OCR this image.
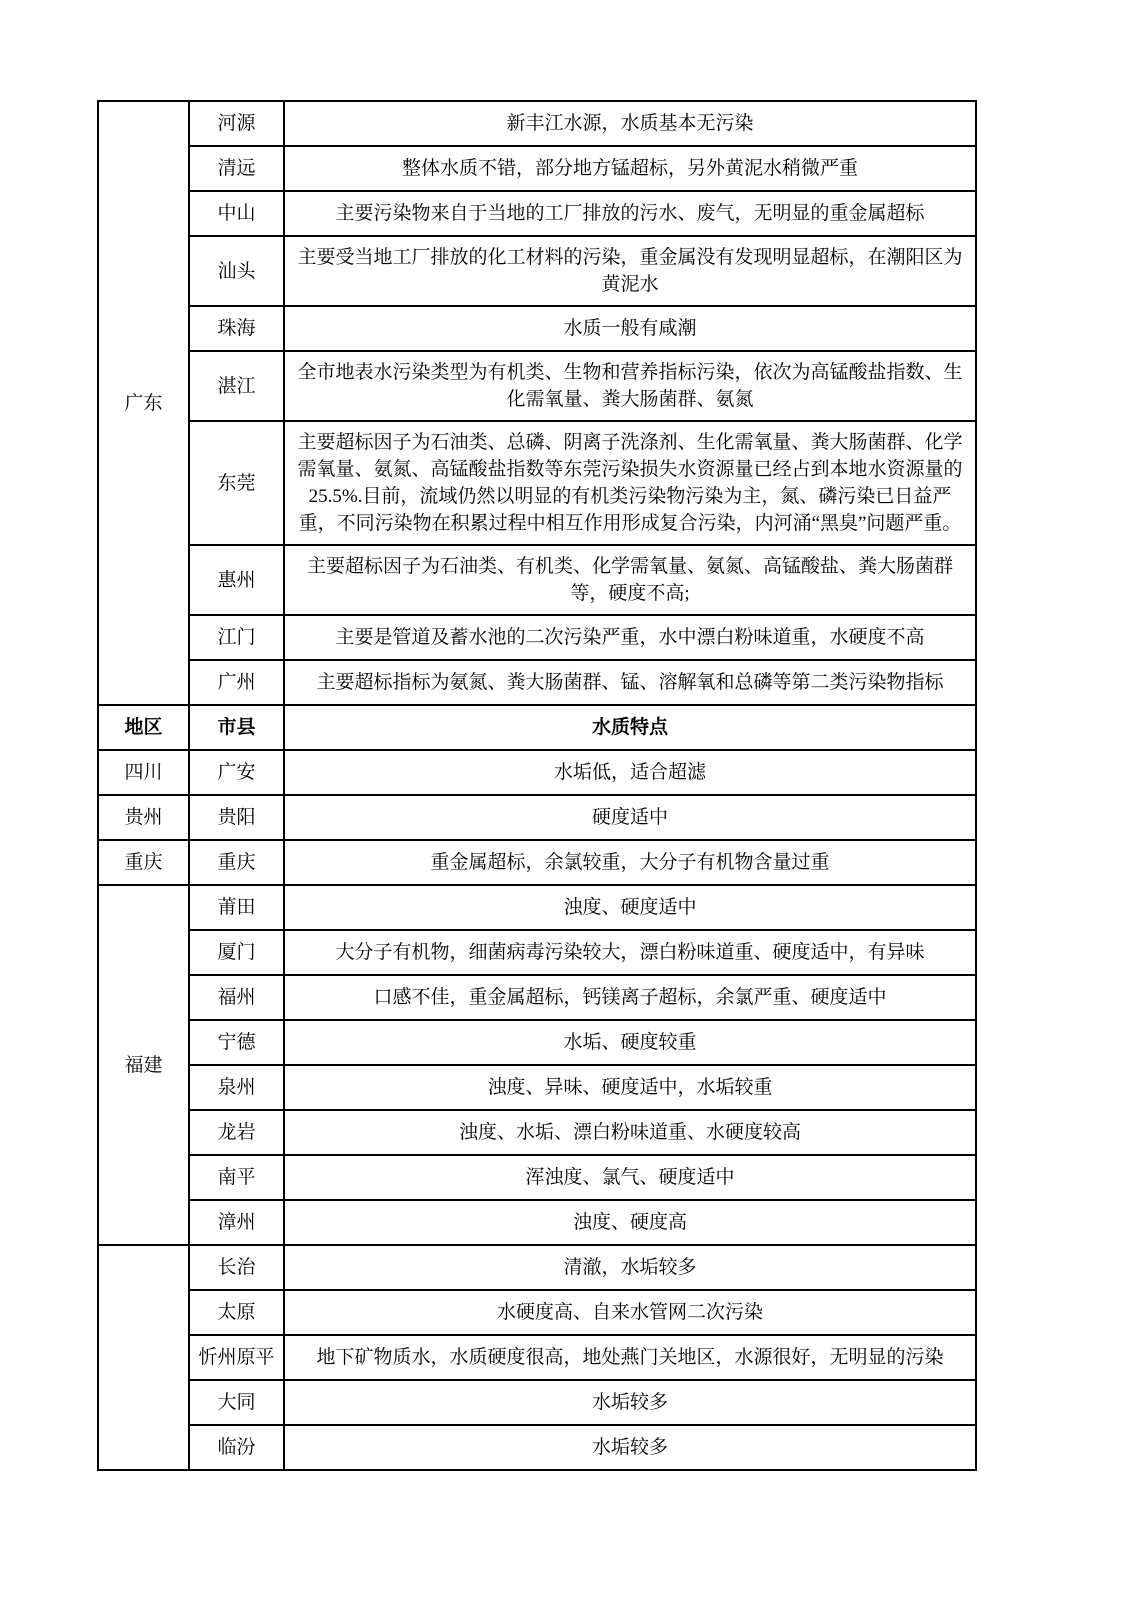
广东	河源	新丰江水源，水质基本无污染
	清远	整体水质不错，部分地方锰超标，另外黄泥水稍微严重
	中山	主要污染物来自于当地的工厂排放的污水、废气，无明显的重金属超标
	汕头	主要受当地工厂排放的化工材料的污染，重金属没有发现明显超标，在潮阳区为黄泥水
	珠海	水质一般有咸潮
	湛江	全市地表水污染类型为有机类、生物和营养指标污染，依次为高锰酸盐指数、生化需氧量、粪大肠菌群、氨氮
	东莞	主要超标因子为石油类、总磷、阴离子洗涤剂、生化需氧量、粪大肠菌群、化学需氧量、氨氮、高锰酸盐指数等东莞污染损失水资源量已经占到本地水资源量的25.5%.目前，流域仍然以明显的有机类污染物污染为主，氮、磷污染已日益严重，不同污染物在积累过程中相互作用形成复合污染，内河涌“黑臭”问题严重。
	惠州	主要超标因子为石油类、有机类、化学需氧量、氨氮、高锰酸盐、粪大肠菌群等，硬度不高;
	江门	主要是管道及蓄水池的二次污染严重，水中漂白粉味道重，水硬度不高
	广州	主要超标指标为氨氮、粪大肠菌群、锰、溶解氧和总磷等第二类污染物指标
地区	市县	水质特点
四川	广安	水垢低，适合超滤
贵州	贵阳	硬度适中
重庆	重庆	重金属超标，余氯较重，大分子有机物含量过重
福建	莆田	浊度、硬度适中
	厦门	大分子有机物，细菌病毒污染较大，漂白粉味道重、硬度适中，有异味
	福州	口感不佳，重金属超标，钙镁离子超标，余氯严重、硬度适中
	宁德	水垢、硬度较重
	泉州	浊度、异味、硬度适中，水垢较重
	龙岩	浊度、水垢、漂白粉味道重、水硬度较高
	南平	浑浊度、氯气、硬度适中
	漳州	浊度、硬度高
	长治	清澈，水垢较多
	太原	水硬度高、自来水管网二次污染
	忻州原平	地下矿物质水，水质硬度很高，地处燕门关地区，水源很好，无明显的污染
	大同	水垢较多
	临汾	水垢较多
